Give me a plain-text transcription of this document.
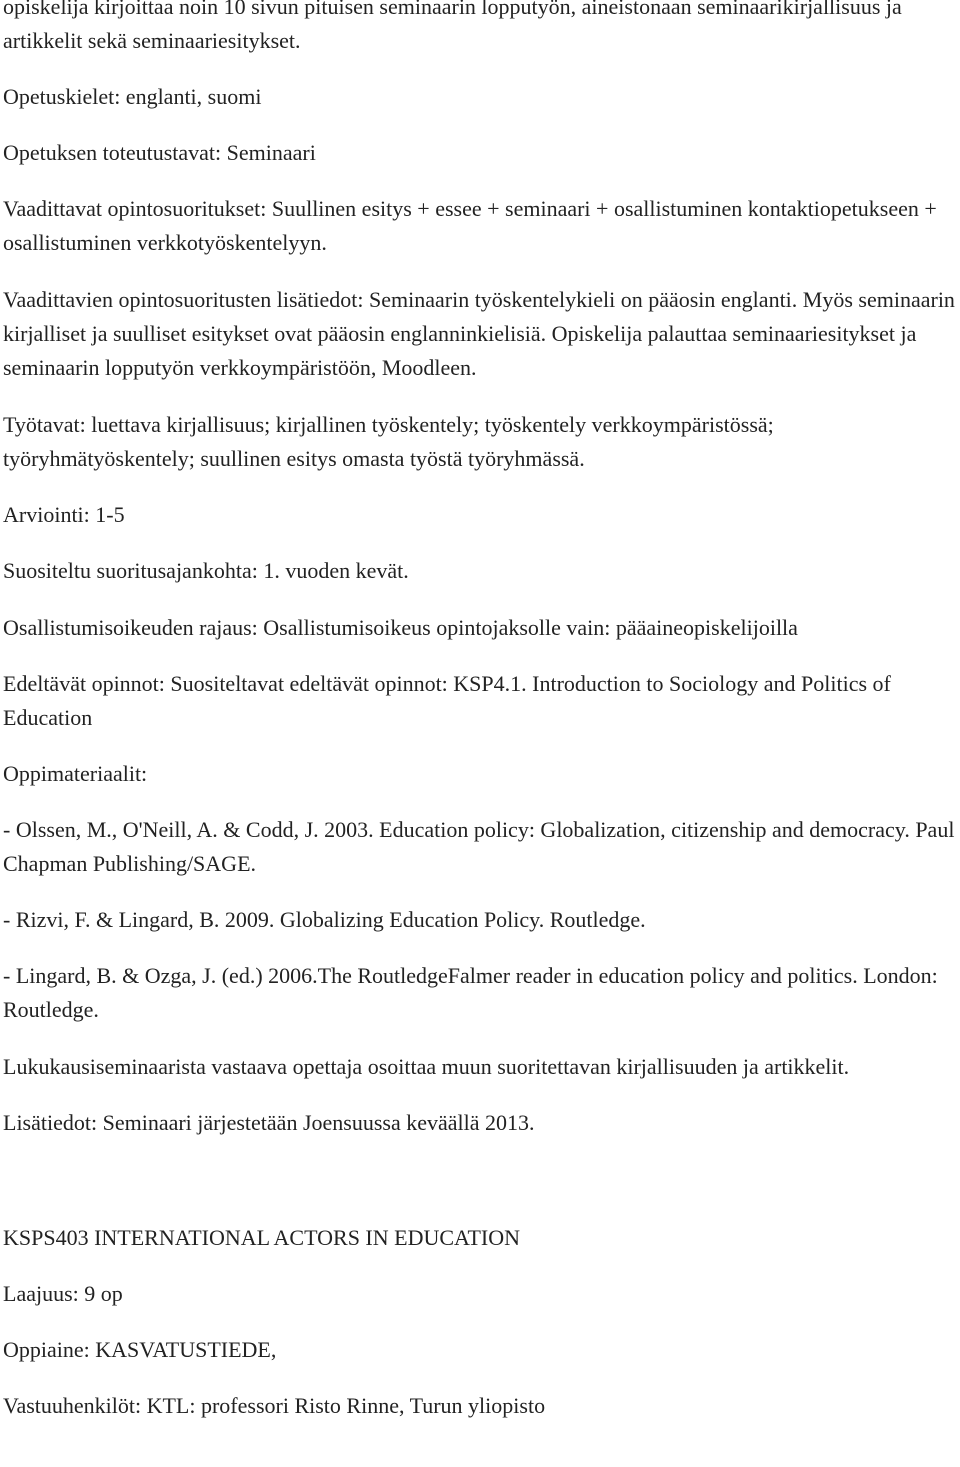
opiskelija kirjoittaa noin 10 sivun pituisen seminaarin lopputyön, aineistonaan seminaarikirjallisuus ja artikkelit sekä seminaariesitykset.

Opetuskielet: englanti, suomi

Opetuksen toteutustavat: Seminaari

Vaadittavat opintosuoritukset: Suullinen esitys + essee + seminaari + osallistuminen kontaktiopetukseen + osallistuminen verkkotyöskentelyyn.

Vaadittavien opintosuoritusten lisätiedot: Seminaarin työskentelykieli on pääosin englanti. Myös seminaarin kirjalliset ja suulliset esitykset ovat pääosin englanninkielisiä. Opiskelija palauttaa seminaariesitykset ja seminaarin lopputyön verkkoympäristöön, Moodleen.

Työtavat: luettava kirjallisuus; kirjallinen työskentely; työskentely verkkoympäristössä; työryhmätyöskentely; suullinen esitys omasta työstä työryhmässä.

Arviointi: 1-5

Suositeltu suoritusajankohta: 1. vuoden kevät.

Osallistumisoikeuden rajaus: Osallistumisoikeus opintojaksolle vain: pääaineopiskelijoilla

Edeltävät opinnot: Suositeltavat edeltävät opinnot: KSP4.1. Introduction to Sociology and Politics of Education

Oppimateriaalit:

- Olssen, M., O'Neill, A. & Codd, J. 2003. Education policy: Globalization, citizenship and democracy. Paul Chapman Publishing/SAGE.

- Rizvi, F. & Lingard, B. 2009. Globalizing Education Policy. Routledge.

- Lingard, B. & Ozga, J. (ed.) 2006.The RoutledgeFalmer reader in education policy and politics. London: Routledge.

Lukukausiseminaarista vastaava opettaja osoittaa muun suoritettavan kirjallisuuden ja artikkelit.

Lisätiedot: Seminaari järjestetään Joensuussa keväällä 2013.

KSPS403 INTERNATIONAL ACTORS IN EDUCATION

Laajuus: 9 op

Oppiaine: KASVATUSTIEDE,

Vastuuhenkilöt: KTL: professori Risto Rinne, Turun yliopisto
